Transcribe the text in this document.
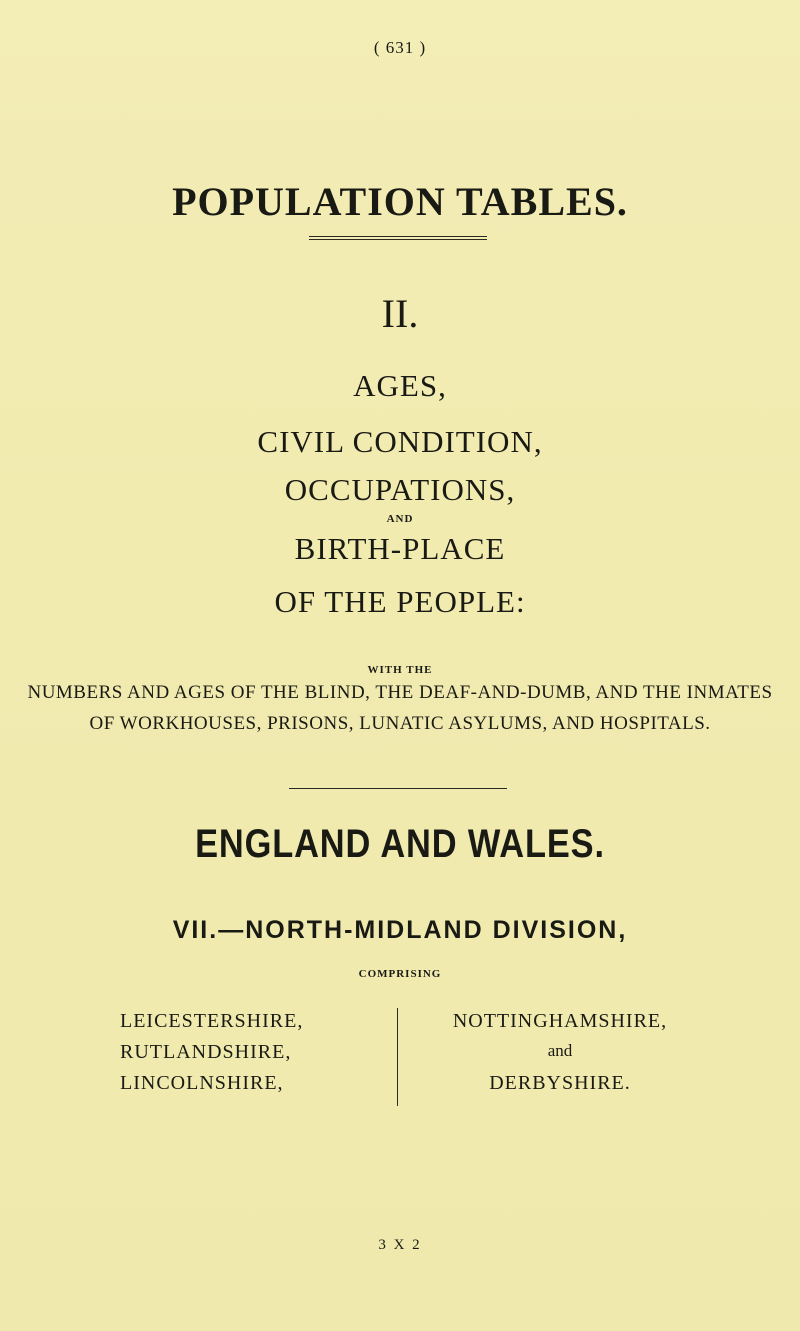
( 631 )
POPULATION TABLES.
II.
AGES,
CIVIL CONDITION,
OCCUPATIONS,
AND
BIRTH-PLACE
OF THE PEOPLE:
WITH THE
NUMBERS AND AGES OF THE BLIND, THE DEAF-AND-DUMB, AND THE INMATES
OF WORKHOUSES, PRISONS, LUNATIC ASYLUMS, AND HOSPITALS.
ENGLAND AND WALES.
VII.—NORTH-MIDLAND DIVISION,
COMPRISING
LEICESTERSHIRE,
RUTLANDSHIRE,
LINCOLNSHIRE,
NOTTINGHAMSHIRE,
and
DERBYSHIRE.
3 X 2
